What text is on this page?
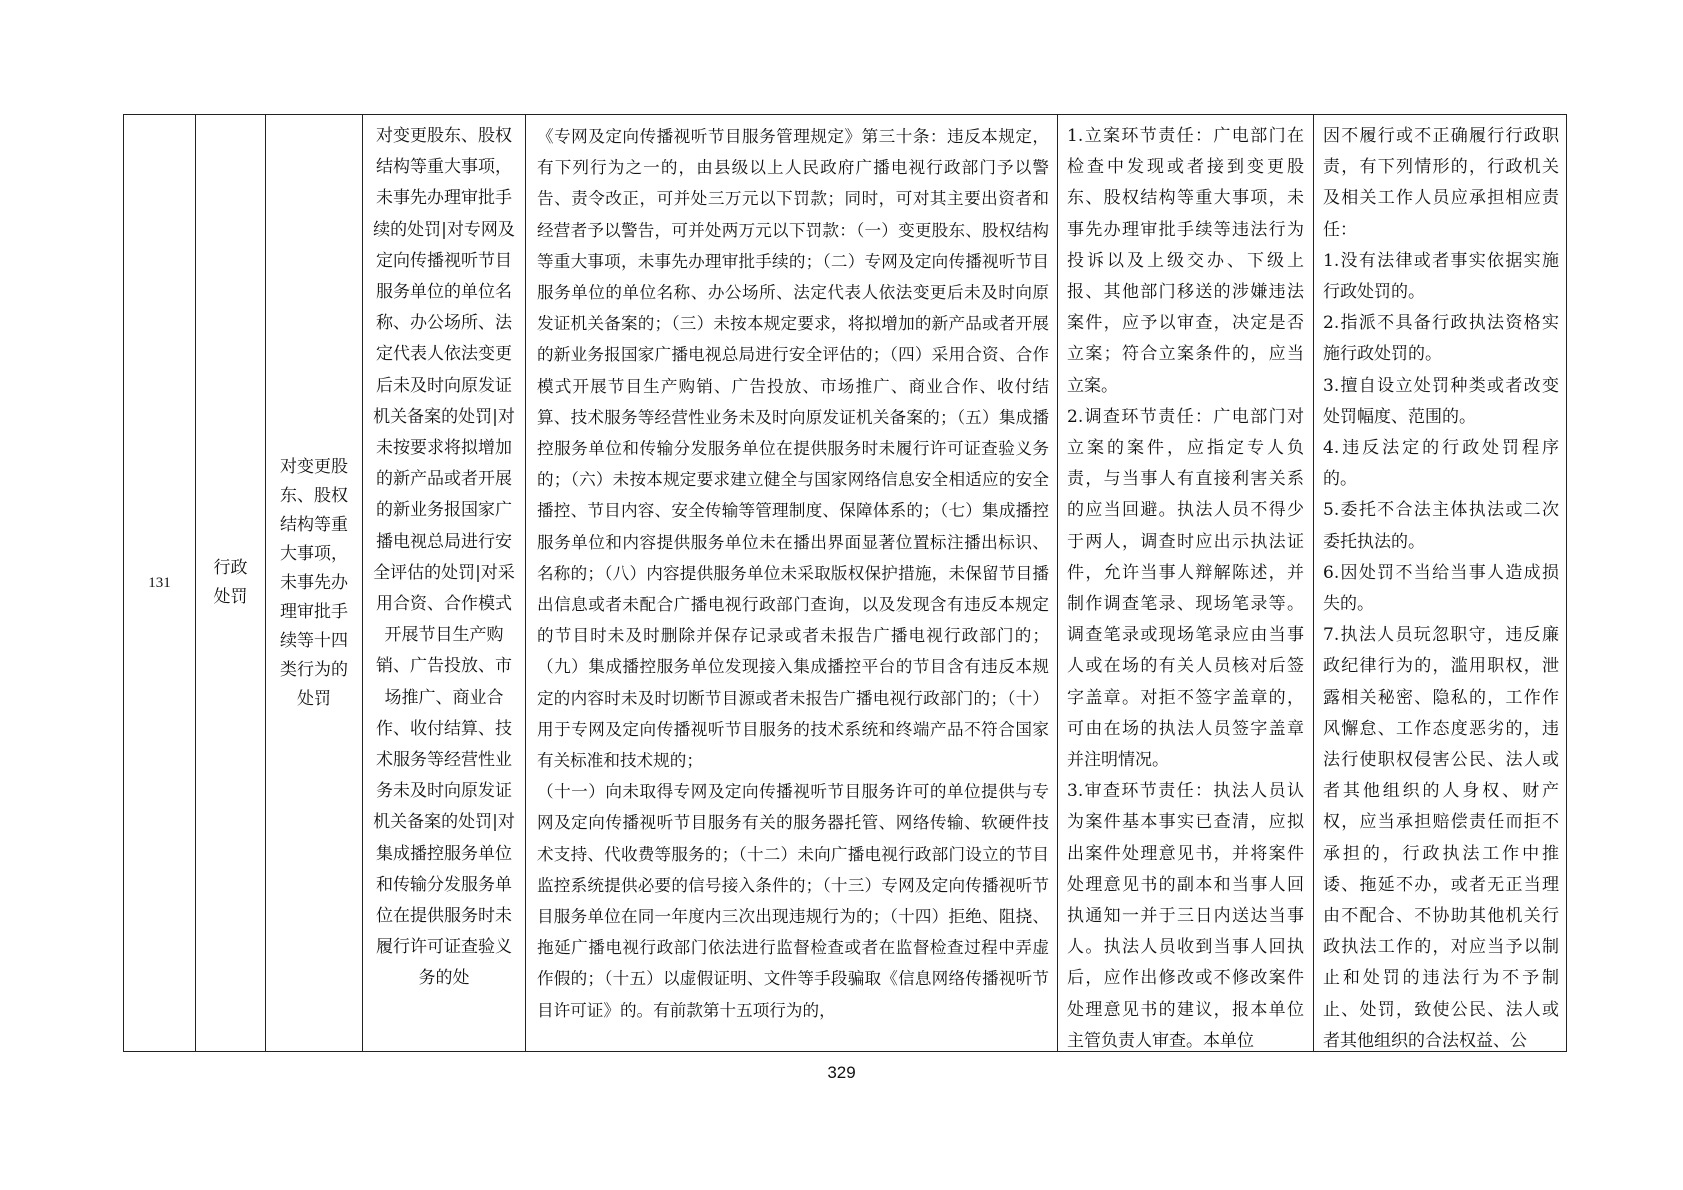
131
行政
处罚
对变更股东、股权结构等重大事项，未事先办理审批手续等十四类行为的处罚
对变更股东、股权结构等重大事项，未事先办理审批手续的处罚|对专网及定向传播视听节目服务单位的单位名称、办公场所、法定代表人依法变更后未及时向原发证机关备案的处罚|对未按要求将拟增加的新产品或者开展的新业务报国家广播电视总局进行安全评估的处罚|对采用合资、合作模式开展节目生产购销、广告投放、市场推广、商业合作、收付结算、技术服务等经营性业务未及时向原发证机关备案的处罚|对集成播控服务单位和传输分发服务单位在提供服务时未履行许可证查验义务的处
《专网及定向传播视听节目服务管理规定》第三十条：违反本规定，有下列行为之一的，由县级以上人民政府广播电视行政部门予以警告、责令改正，可并处三万元以下罚款；同时，可对其主要出资者和经营者予以警告，可并处两万元以下罚款：（一）变更股东、股权结构等重大事项，未事先办理审批手续的；（二）专网及定向传播视听节目服务单位的单位名称、办公场所、法定代表人依法变更后未及时向原发证机关备案的；（三）未按本规定要求，将拟增加的新产品或者开展的新业务报国家广播电视总局进行安全评估的；（四）采用合资、合作模式开展节目生产购销、广告投放、市场推广、商业合作、收付结算、技术服务等经营性业务未及时向原发证机关备案的；（五）集成播控服务单位和传输分发服务单位在提供服务时未履行许可证查验义务的；（六）未按本规定要求建立健全与国家网络信息安全相适应的安全播控、节目内容、安全传输等管理制度、保障体系的；（七）集成播控服务单位和内容提供服务单位未在播出界面显著位置标注播出标识、名称的；（八）内容提供服务单位未采取版权保护措施，未保留节目播出信息或者未配合广播电视行政部门查询，以及发现含有违反本规定的节目时未及时删除并保存记录或者未报告广播电视行政部门的；（九）集成播控服务单位发现接入集成播控平台的节目含有违反本规定的内容时未及时切断节目源或者未报告广播电视行政部门的；（十）用于专网及定向传播视听节目服务的技术系统和终端产品不符合国家有关标准和技术规的；
（十一）向未取得专网及定向传播视听节目服务许可的单位提供与专网及定向传播视听节目服务有关的服务器托管、网络传输、软硬件技术支持、代收费等服务的；（十二）未向广播电视行政部门设立的节目监控系统提供必要的信号接入条件的；（十三）专网及定向传播视听节目服务单位在同一年度内三次出现违规行为的；（十四）拒绝、阻挠、拖延广播电视行政部门依法进行监督检查或者在监督检查过程中弄虚作假的；（十五）以虚假证明、文件等手段骗取《信息网络传播视听节目许可证》的。有前款第十五项行为的，
1.立案环节责任：广电部门在检查中发现或者接到变更股东、股权结构等重大事项，未事先办理审批手续等违法行为投诉以及上级交办、下级上报、其他部门移送的涉嫌违法案件，应予以审查，决定是否立案；符合立案条件的，应当立案。
2.调查环节责任：广电部门对立案的案件，应指定专人负责，与当事人有直接利害关系的应当回避。执法人员不得少于两人，调查时应出示执法证件，允许当事人辩解陈述，并制作调查笔录、现场笔录等。调查笔录或现场笔录应由当事人或在场的有关人员核对后签字盖章。对拒不签字盖章的，可由在场的执法人员签字盖章并注明情况。
3.审查环节责任：执法人员认为案件基本事实已查清，应拟出案件处理意见书，并将案件处理意见书的副本和当事人回执通知一并于三日内送达当事人。执法人员收到当事人回执后，应作出修改或不修改案件处理意见书的建议，报本单位主管负责人审查。本单位
因不履行或不正确履行行政职责，有下列情形的，行政机关及相关工作人员应承担相应责任：
1.没有法律或者事实依据实施行政处罚的。
2.指派不具备行政执法资格实施行政处罚的。
3.擅自设立处罚种类或者改变处罚幅度、范围的。
4.违反法定的行政处罚程序的。
5.委托不合法主体执法或二次委托执法的。
6.因处罚不当给当事人造成损失的。
7.执法人员玩忽职守，违反廉政纪律行为的，滥用职权，泄露相关秘密、隐私的，工作作风懈怠、工作态度恶劣的，违法行使职权侵害公民、法人或者其他组织的人身权、财产权，应当承担赔偿责任而拒不承担的，行政执法工作中推诿、拖延不办，或者无正当理由不配合、不协助其他机关行政执法工作的，对应当予以制止和处罚的违法行为不予制止、处罚，致使公民、法人或者其他组织的合法权益、公
329
